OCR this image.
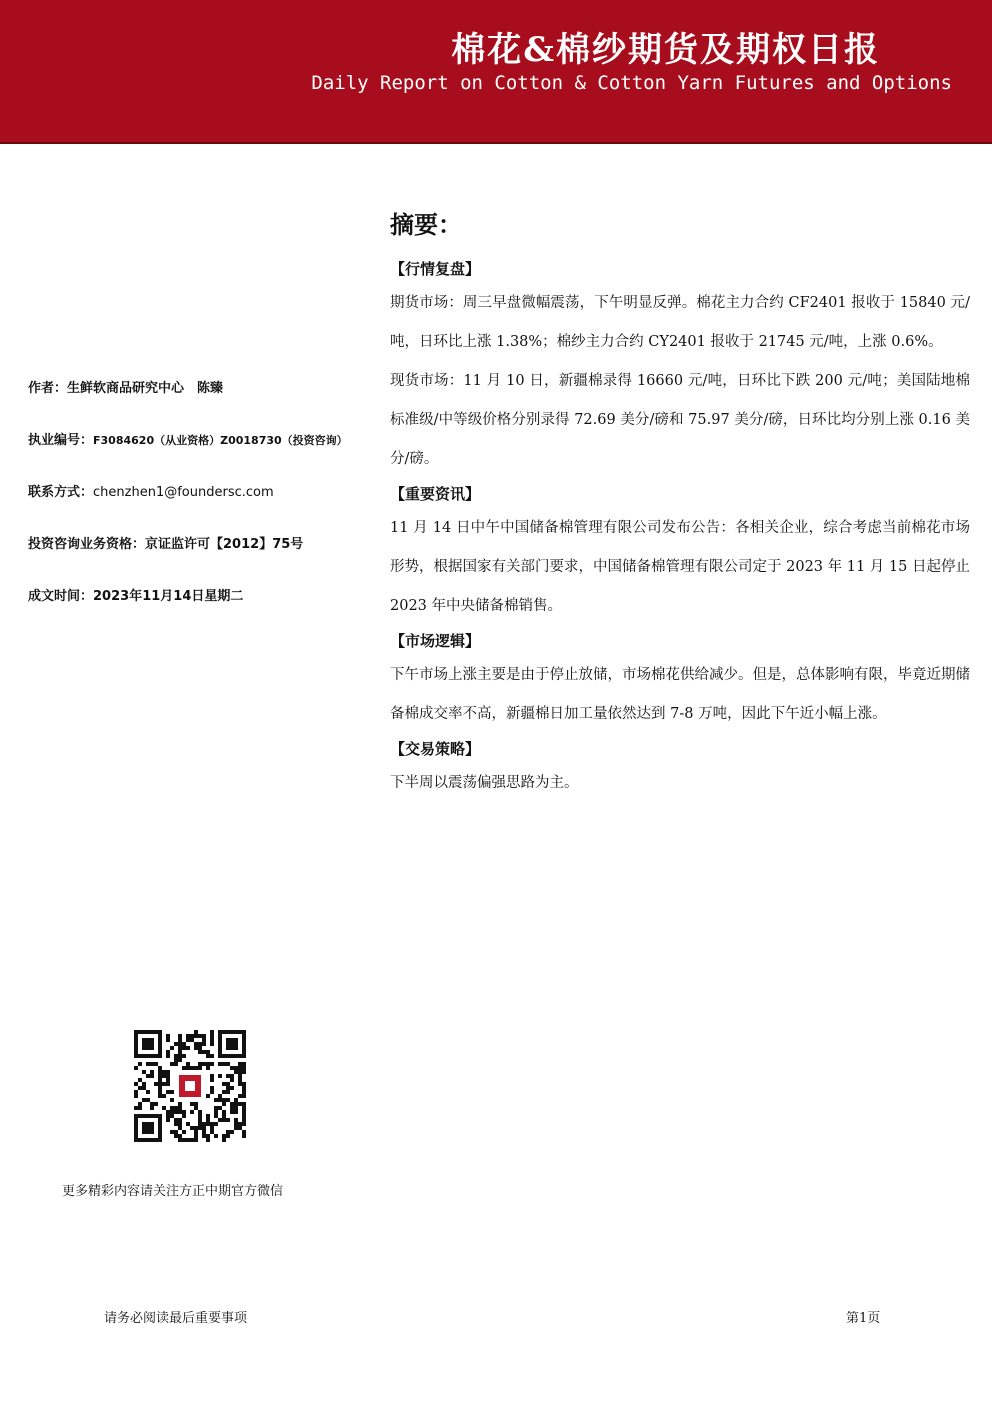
棉花&棉纱期货及期权日报
Daily Report on Cotton & Cotton Yarn Futures and Options
作者：生鲜软商品研究中心　陈臻
执业编号：F3084620（从业资格）Z0018730（投资咨询）
联系方式：chenzhen1@foundersc.com
投资咨询业务资格：京证监许可【2012】75号
成文时间：2023年11月14日星期二
摘要：
【行情复盘】

期货市场：周三早盘微幅震荡，下午明显反弹。棉花主力合约 CF2401 报收于 15840 元/吨，日环比上涨 1.38%；棉纱主力合约 CY2401 报收于 21745 元/吨，上涨 0.6%。

现货市场：11 月 10 日，新疆棉录得 16660 元/吨，日环比下跌 200 元/吨；美国陆地棉标准级/中等级价格分别录得 72.69 美分/磅和 75.97 美分/磅，日环比均分别上涨 0.16 美分/磅。

【重要资讯】

11 月 14 日中午中国储备棉管理有限公司发布公告：各相关企业，综合考虑当前棉花市场形势，根据国家有关部门要求，中国储备棉管理有限公司定于 2023 年 11 月 15 日起停止 2023 年中央储备棉销售。

【市场逻辑】

下午市场上涨主要是由于停止放储，市场棉花供给减少。但是，总体影响有限，毕竟近期储备棉成交率不高，新疆棉日加工量依然达到 7-8 万吨，因此下午近小幅上涨。

【交易策略】

下半周以震荡偏强思路为主。

更多精彩内容请关注方正中期官方微信
请务必阅读最后重要事项	第1页
